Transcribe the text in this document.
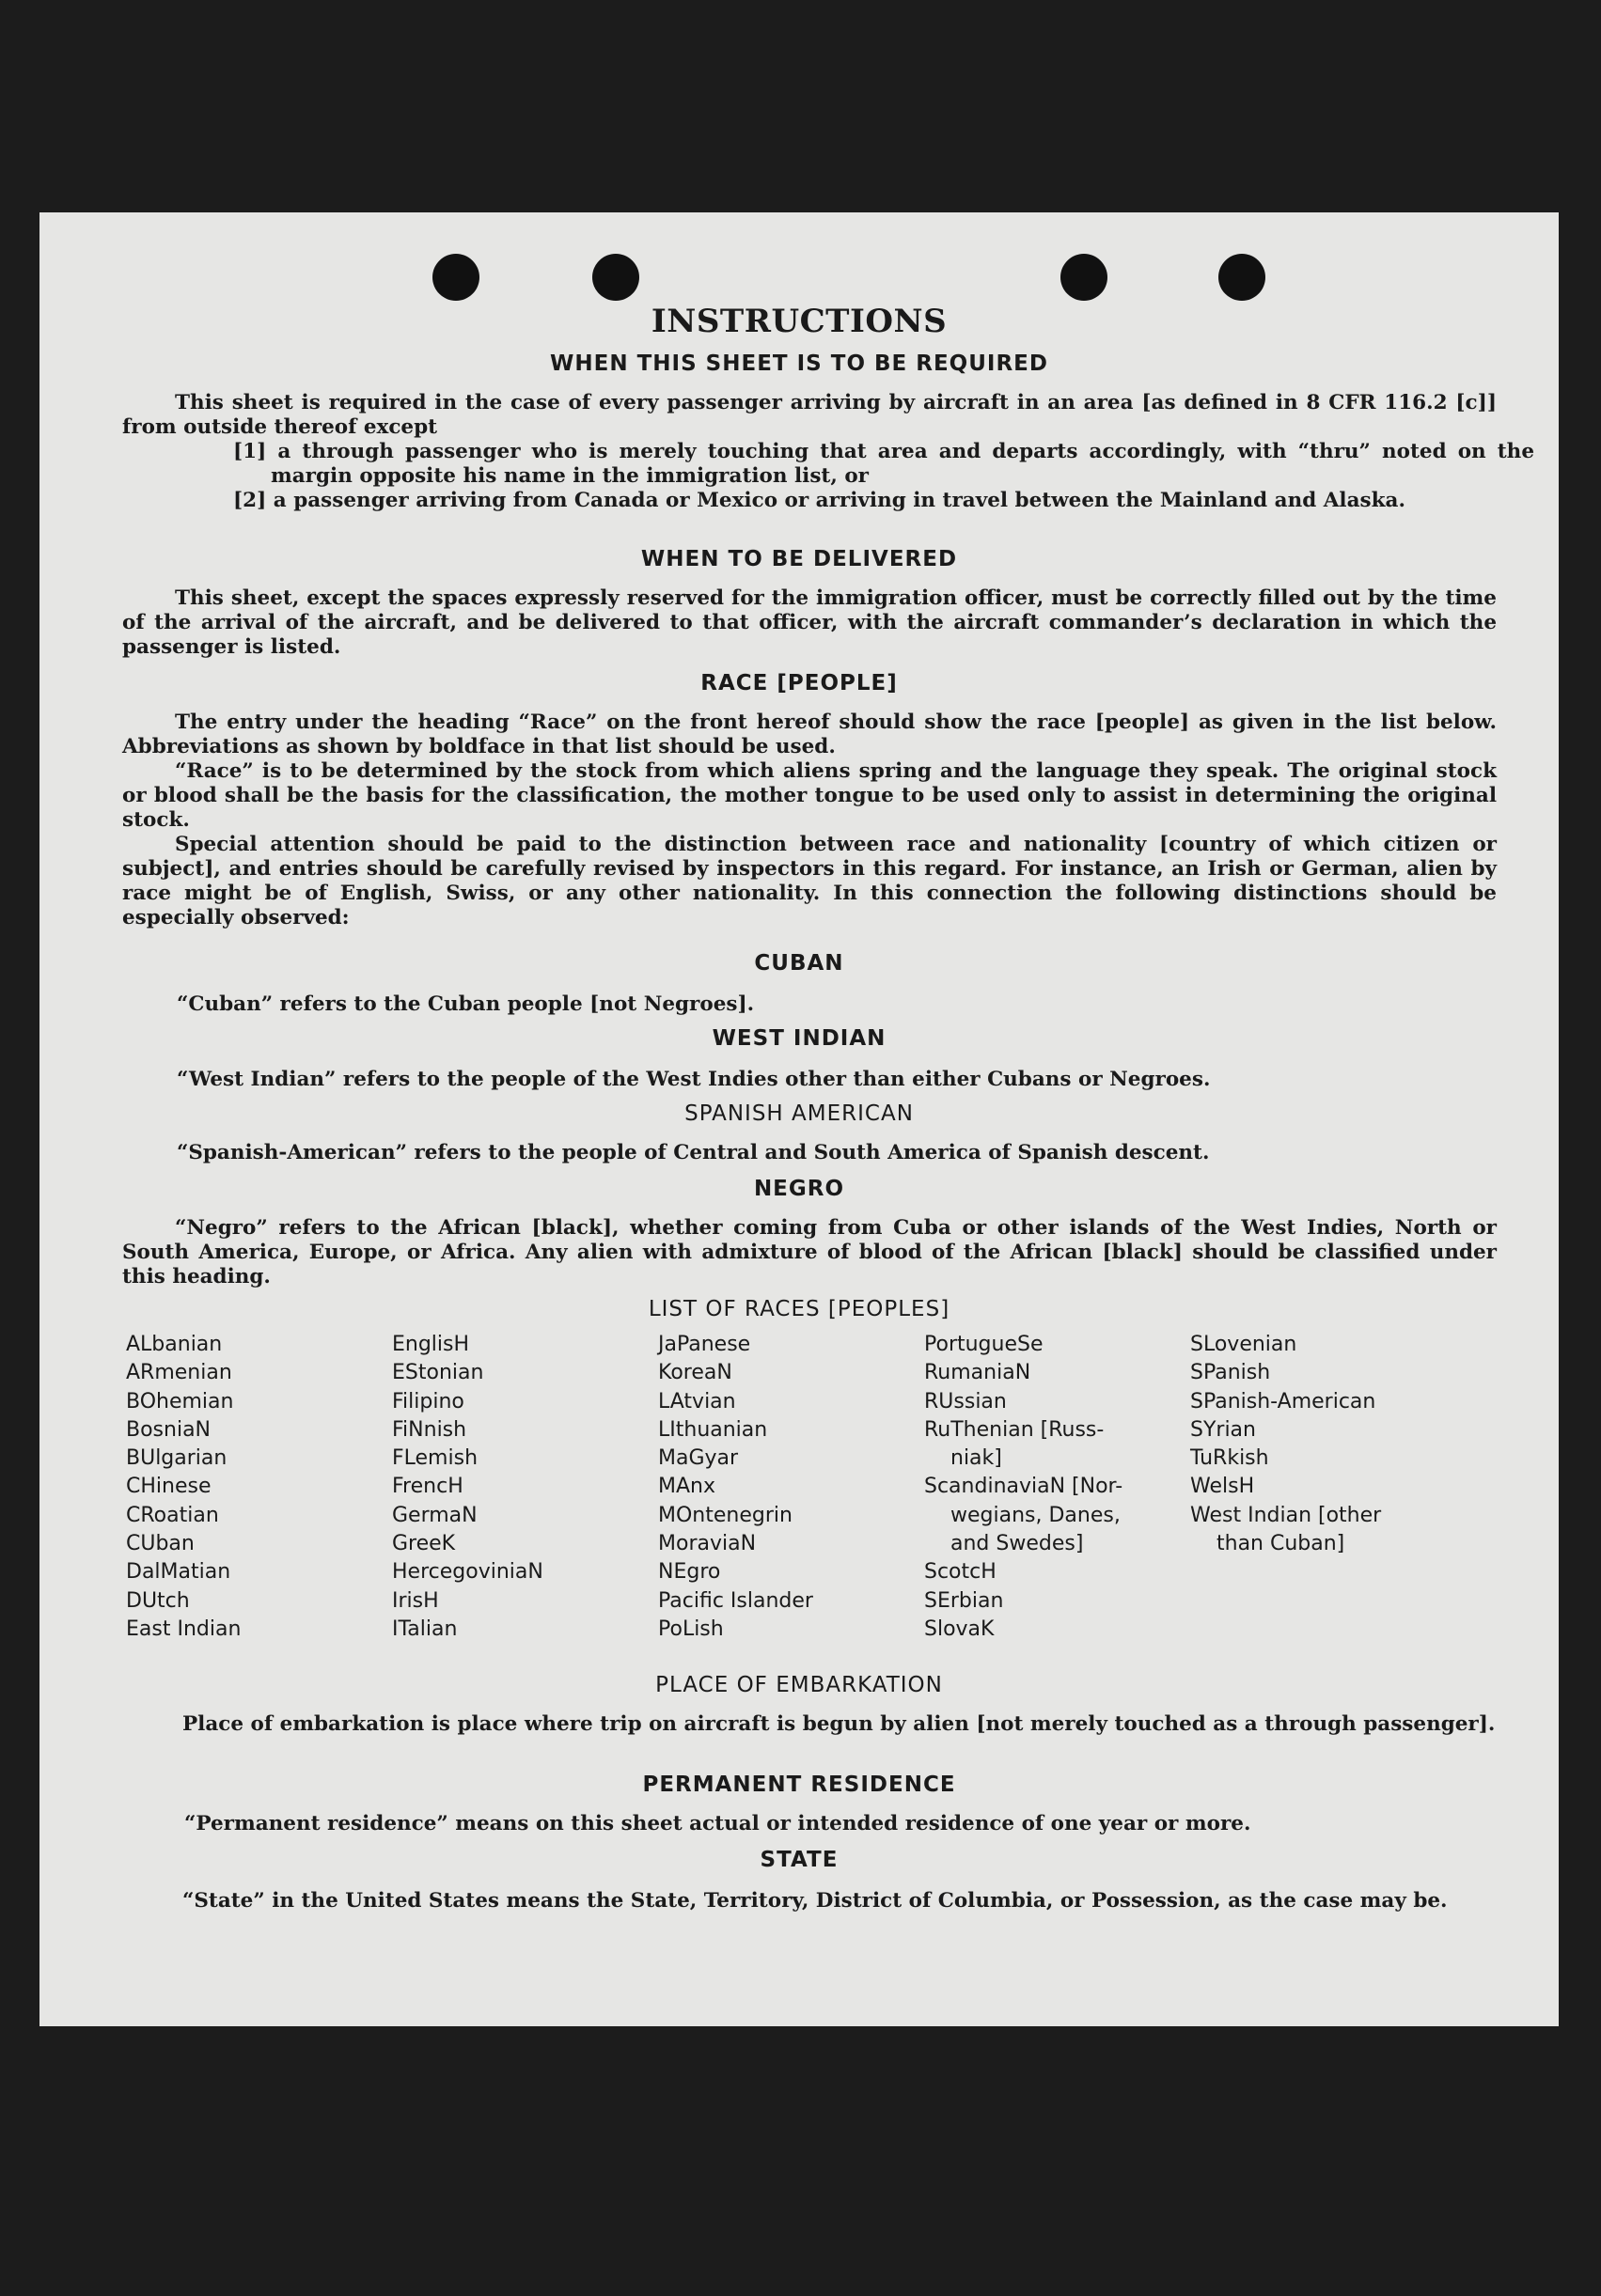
INSTRUCTIONS
WHEN THIS SHEET IS TO BE REQUIRED
This sheet is required in the case of every passenger arriving by aircraft in an area [as defined in 8 CFR 116.2 [c]] from outside thereof except
[1] a through passenger who is merely touching that area and departs accordingly, with “thru” noted on the margin opposite his name in the immigration list, or
[2] a passenger arriving from Canada or Mexico or arriving in travel between the Mainland and Alaska.
WHEN TO BE DELIVERED
This sheet, except the spaces expressly reserved for the immigration officer, must be correctly filled out by the time of the arrival of the aircraft, and be delivered to that officer, with the aircraft commander’s declaration in which the passenger is listed.
RACE [PEOPLE]
The entry under the heading “Race” on the front hereof should show the race [people] as given in the list below. Abbreviations as shown by boldface in that list should be used.
“Race” is to be determined by the stock from which aliens spring and the language they speak. The original stock or blood shall be the basis for the classification, the mother tongue to be used only to assist in determining the original stock.
Special attention should be paid to the distinction between race and nationality [country of which citizen or subject], and entries should be carefully revised by inspectors in this regard. For instance, an Irish or German, alien by race might be of English, Swiss, or any other nationality. In this connection the following distinctions should be especially observed:
CUBAN
“Cuban” refers to the Cuban people [not Negroes].
WEST INDIAN
“West Indian” refers to the people of the West Indies other than either Cubans or Negroes.
SPANISH AMERICAN
“Spanish-American” refers to the people of Central and South America of Spanish descent.
NEGRO
“Negro” refers to the African [black], whether coming from Cuba or other islands of the West Indies, North or South America, Europe, or Africa. Any alien with admixture of blood of the African [black] should be classified under this heading.
LIST OF RACES [PEOPLES]
ALbanian
ARmenian
BOhemian
BosniaN
BUlgarian
CHinese
CRoatian
CUban
DalMatian
DUtch
East Indian
EnglisH
EStonian
Filipino
FiNnish
FLemish
FrencH
GermaN
GreeK
HercegoviniaN
IrisH
ITalian
JaPanese
KoreaN
LAtvian
LIthuanian
MaGyar
MAnx
MOntenegrin
MoraviaN
NEgro
Pacific Islander
PoLish
PortugueSe
RumaniaN
RUssian
RuThenian [Russ-
niak]
ScandinaviaN [Nor-
wegians, Danes,
and Swedes]
ScotcH
SErbian
SlovaK
SLovenian
SPanish
SPanish-American
SYrian
TuRkish
WelsH
West Indian [other
than Cuban]
PLACE OF EMBARKATION
Place of embarkation is place where trip on aircraft is begun by alien [not merely touched as a through passenger].
PERMANENT RESIDENCE
“Permanent residence” means on this sheet actual or intended residence of one year or more.
STATE
“State” in the United States means the State, Territory, District of Columbia, or Possession, as the case may be.
